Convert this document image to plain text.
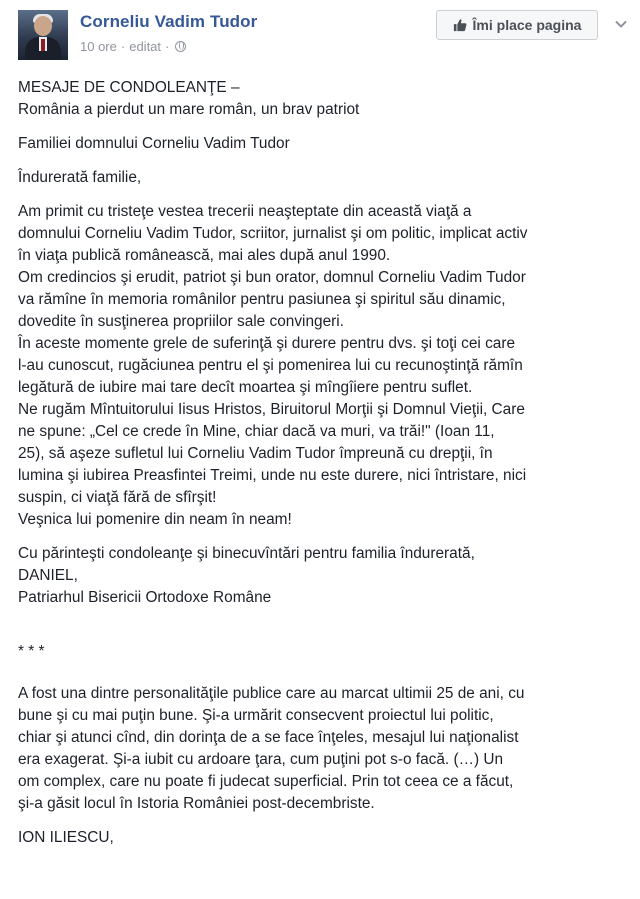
Corneliu Vadim Tudor
10 ore · editat ·
Îmi place pagina

MESAJE DE CONDOLEANŢE –
România a pierdut un mare român, un brav patriot

Familiei domnului Corneliu Vadim Tudor

Îndurerată familie,

Am primit cu tristeţe vestea trecerii neaşteptate din această viaţă a
domnului Corneliu Vadim Tudor, scriitor, jurnalist şi om politic, implicat activ
în viaţa publică românească, mai ales după anul 1990.
Om credincios şi erudit, patriot şi bun orator, domnul Corneliu Vadim Tudor
va rămîne în memoria românilor pentru pasiunea şi spiritul său dinamic,
dovedite în susţinerea propriilor sale convingeri.
În aceste momente grele de suferinţă şi durere pentru dvs. şi toţi cei care
l-au cunoscut, rugăciunea pentru el şi pomenirea lui cu recunoştinţă rămîn
legătură de iubire mai tare decît moartea şi mîngîiere pentru suflet.
Ne rugăm Mîntuitorului Iisus Hristos, Biruitorul Morţii şi Domnul Vieţii, Care
ne spune: „Cel ce crede în Mine, chiar dacă va muri, va trăi!" (Ioan 11,
25), să aşeze sufletul lui Corneliu Vadim Tudor împreună cu drepţii, în
lumina şi iubirea Preasfintei Treimi, unde nu este durere, nici întristare, nici
suspin, ci viaţă fără de sfîrşit!
Veşnica lui pomenire din neam în neam!

Cu părinteşti condoleanţe şi binecuvîntări pentru familia îndurerată,
DANIEL,
Patriarhul Bisericii Ortodoxe Române

* * *

A fost una dintre personalităţile publice care au marcat ultimii 25 de ani, cu
bune şi cu mai puţin bune. Şi-a urmărit consecvent proiectul lui politic,
chiar şi atunci cînd, din dorinţa de a se face înţeles, mesajul lui naţionalist
era exagerat. Şi-a iubit cu ardoare ţara, cum puţini pot s-o facă. (…) Un
om complex, care nu poate fi judecat superficial. Prin tot ceea ce a făcut,
şi-a găsit locul în Istoria României post-decembriste.

ION ILIESCU,
